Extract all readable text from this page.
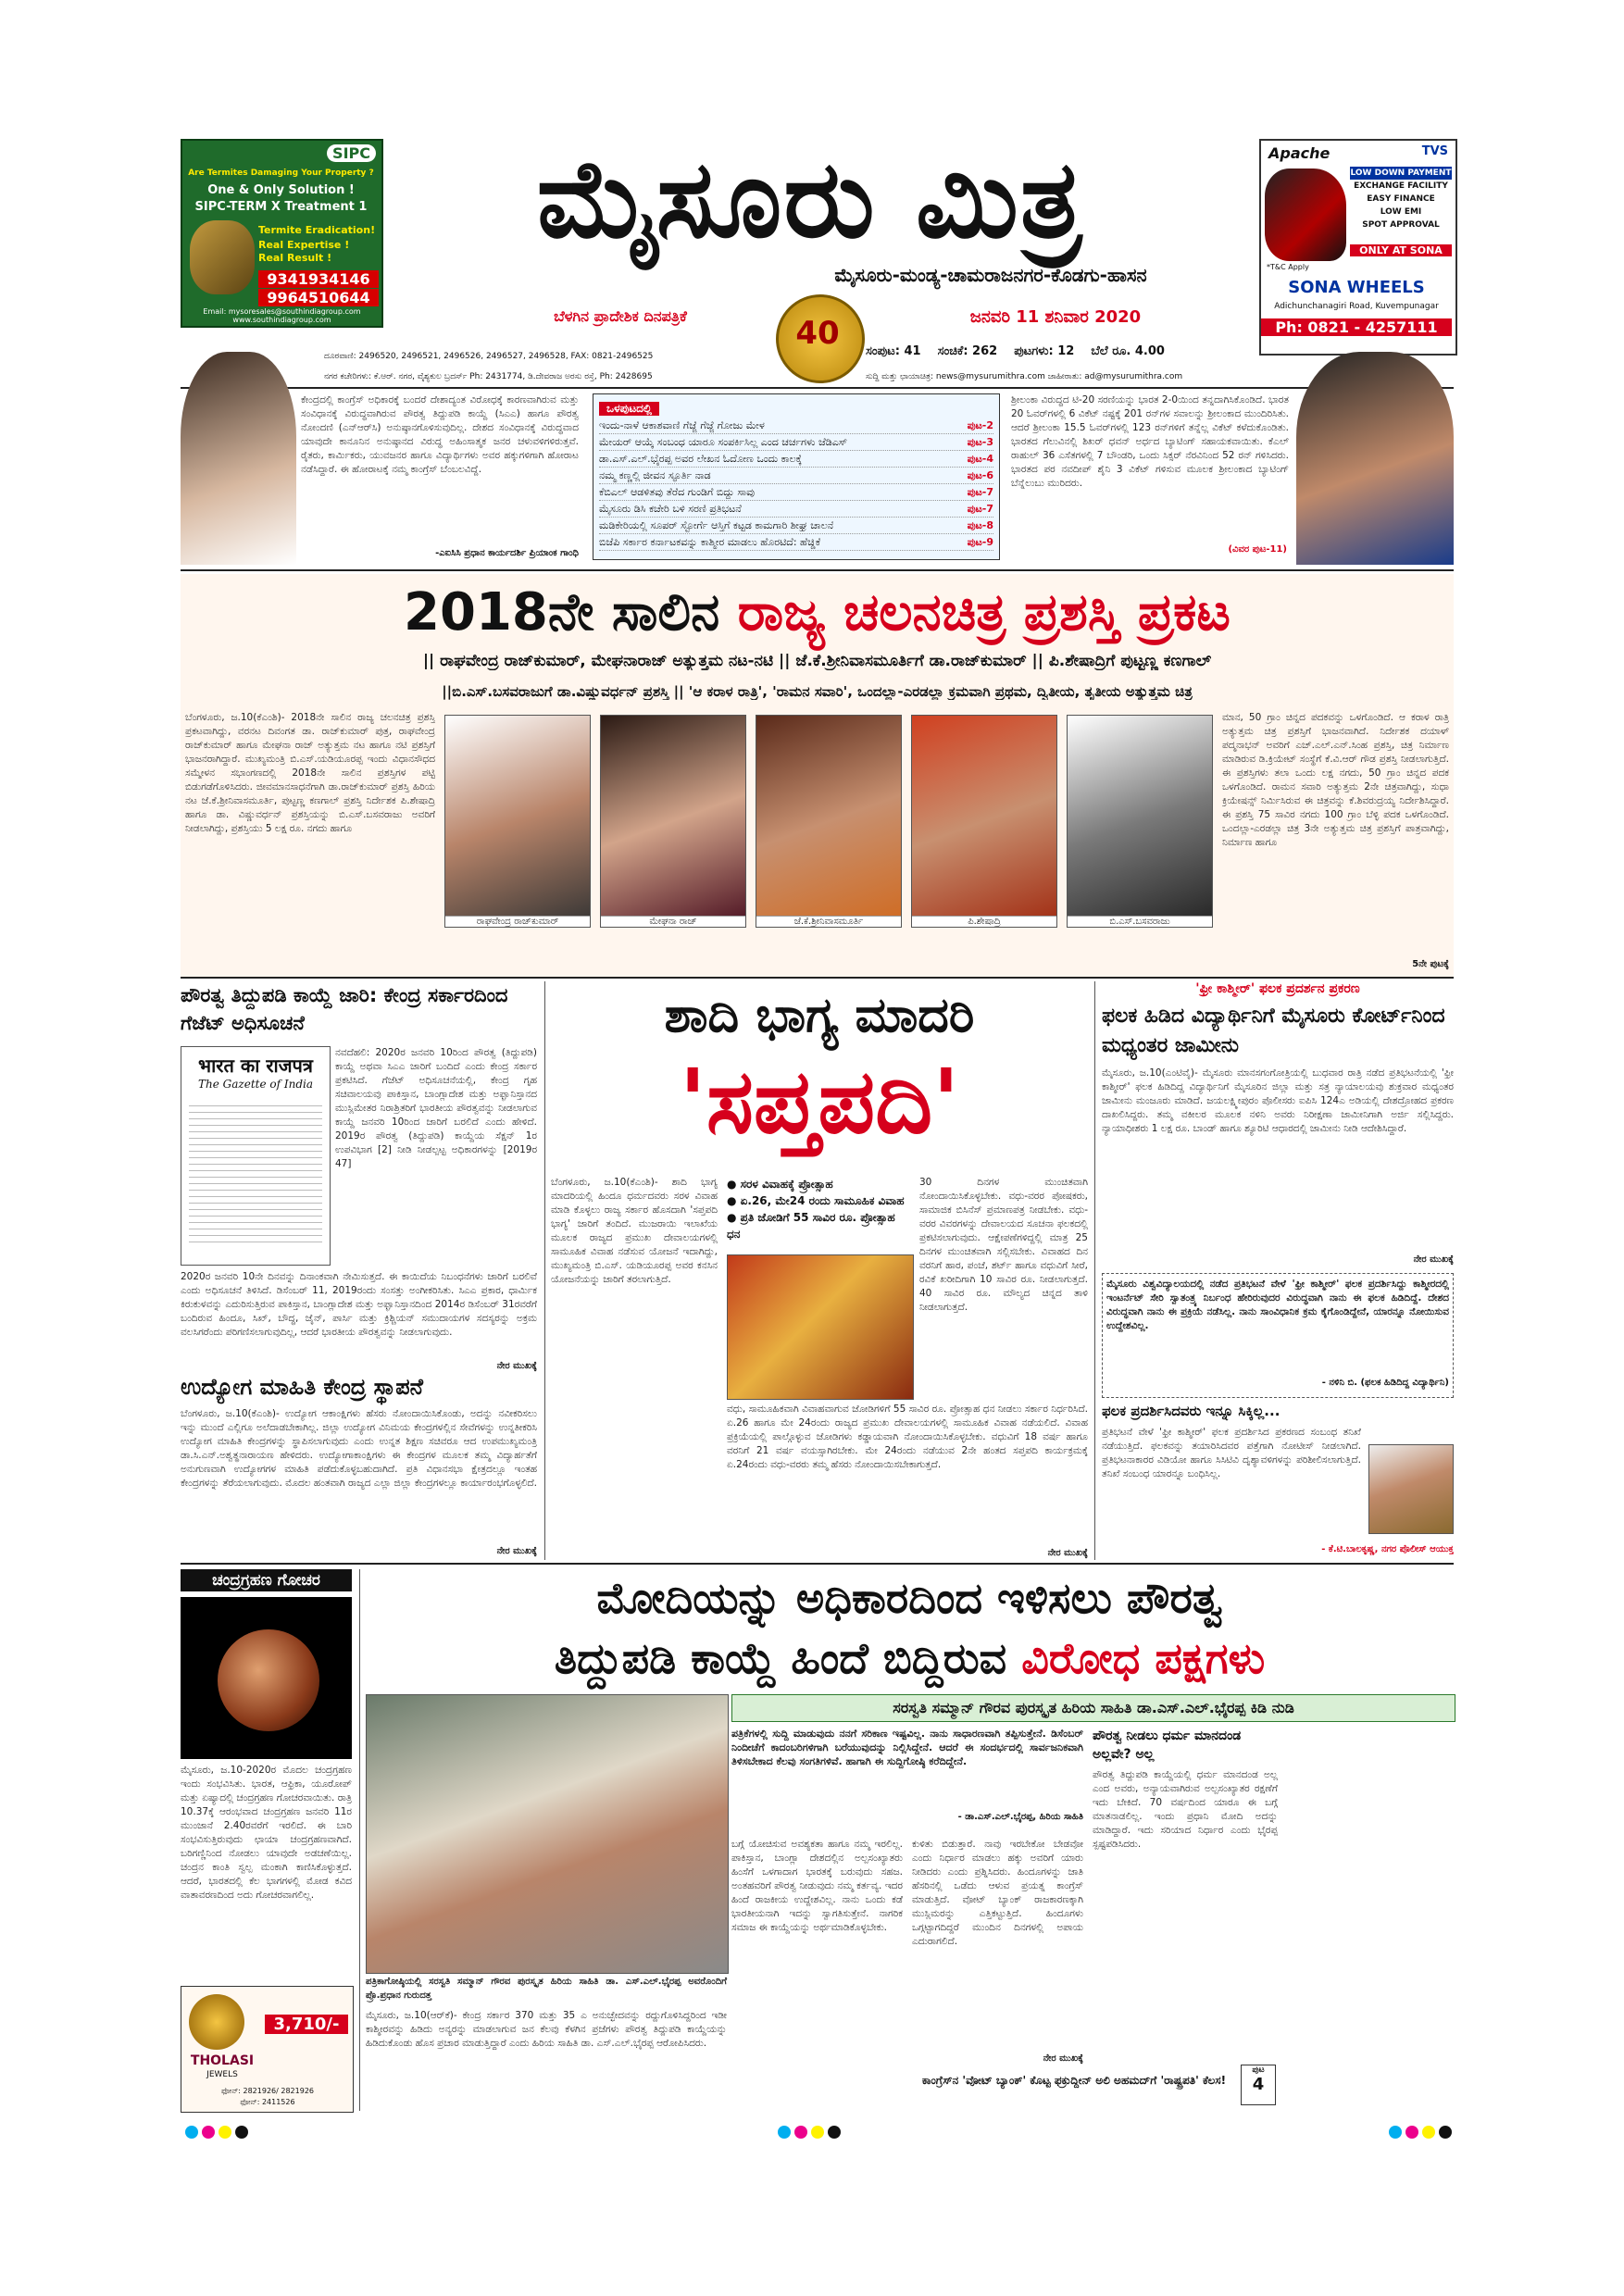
SIPC
Are Termites Damaging Your Property ?
One & Only Solution !
SIPC-TERM X Treatment 1
Termite Eradication!
Real Expertise !
Real Result !
9341934146
9964510644
Email: mysoresales@southindiagroup.com
www.southindiagroup.com
ಮೈಸೂರು ಮಿತ್ರ
ಮೈಸೂರು-ಮಂಡ್ಯ-ಚಾಮರಾಜನಗರ-ಕೊಡಗು-ಹಾಸನ
ಬೆಳಗಿನ ಪ್ರಾದೇಶಿಕ ದಿನಪತ್ರಿಕೆ	ಜನವರಿ 11 ಶನಿವಾರ 2020
40	ಸಂಪುಟ: 41 ಸಂಚಿಕೆ: 262 ಪುಟಗಳು: 12 ಬೆಲೆ ರೂ. 4.00
ದೂರವಾಣಿ: 2496520, 2496521, 2496526, 2496527, 2496528, FAX: 0821-2496525
ನಗರ ಕಚೇರಿಗಳು: ಕೆ.ಆರ್. ನಗರ, ವೈಶ್ಯಕುಲ ಬ್ರದರ್ಸ್ Ph: 2431774, ಡಿ.ದೇವರಾಜ ಅರಸು ರಸ್ತೆ, Ph: 2428695	ಸುದ್ದಿ ಮತ್ತು ಛಾಯಾಚಿತ್ರ: news@mysurumithra.com ಜಾಹೀರಾತು: ad@mysurumithra.com
Apache	TVS
LOW DOWN PAYMENT
EXCHANGE FACILITY
EASY FINANCE
LOW EMI
SPOT APPROVAL
*T&C Apply
ONLY AT SONA
SONA WHEELS
Adichunchanagiri Road, Kuvempunagar
Ph: 0821 - 4257111
ಕೇಂದ್ರದಲ್ಲಿ ಕಾಂಗ್ರೆಸ್ ಅಧಿಕಾರಕ್ಕೆ ಬಂದರೆ ದೇಶಾದ್ಯಂತ ವಿರೋಧಕ್ಕೆ ಕಾರಣವಾಗಿರುವ ಮತ್ತು ಸಂವಿಧಾನಕ್ಕೆ ವಿರುದ್ಧವಾಗಿರುವ ಪೌರತ್ವ ತಿದ್ದುಪಡಿ ಕಾಯ್ದೆ (ಸಿಎಎ) ಹಾಗೂ ಪೌರತ್ವ ನೋಂದಣಿ (ಎನ್‌ಆರ್‌ಸಿ) ಅನುಷ್ಠಾನಗೊಳಿಸುವುದಿಲ್ಲ. ದೇಶದ ಸಂವಿಧಾನಕ್ಕೆ ವಿರುದ್ಧವಾದ ಯಾವುದೇ ಕಾನೂನಿನ ಅನುಷ್ಠಾನದ ವಿರುದ್ಧ ಅಹಿಂಸಾತ್ಮಕ ಜನರ ಚಳುವಳಿಗಳಿರುತ್ತವೆ. ರೈತರು, ಕಾರ್ಮಿಕರು, ಯುವಜನರ ಹಾಗೂ ವಿದ್ಯಾರ್ಥಿಗಳು ಅವರ ಹಕ್ಕುಗಳಿಗಾಗಿ ಹೋರಾಟ ನಡೆಸಿದ್ದಾರೆ. ಈ ಹೋರಾಟಕ್ಕೆ ನಮ್ಮ ಕಾಂಗ್ರೆಸ್ ಬೆಂಬಲವಿದ್ದೆ.
-ಎಐಸಿಸಿ ಪ್ರಧಾನ ಕಾರ್ಯದರ್ಶಿ ಪ್ರಿಯಾಂಕ ಗಾಂಧಿ
ಒಳಪುಟದಲ್ಲಿ
ಇಂದು-ನಾಳೆ ಆಕಾಶವಾಣಿ ಗೆಜ್ಜೆ ಗೆಜ್ಜೆ ಗೋಜು ಮೇಳ	ಪುಟ-2
ಮೇಯರ್ ಆಯ್ಕೆ ಸಂಬಂಧ ಯಾರೂ ಸಂಪರ್ಕಿಸಿಲ್ಲ ಎಂದ ಚರ್ಚಗಳು ಜೆಡಿಎಸ್	ಪುಟ-3
ಡಾ.ಎಸ್.ಎಲ್.ಭೈರಪ್ಪ ಅವರ ಲೇಖನ ಓದೋಣ ಒಂದು ಕಾಲಕ್ಕೆ	ಪುಟ-4
ನಮ್ಮ ಕಣ್ಣಲ್ಲಿ ಜೀವನ ಸ್ಫೂರ್ತಿ ನಾಡ	ಪುಟ-6
ಕೆಬಿಎಲ್ ಆಡಳಿತವು ತೆರೆದ ಗುಂಡಿಗೆ ಬಿದ್ದು ಸಾವು	ಪುಟ-7
ಮೈಸೂರು ಡಿಸಿ ಕಚೇರಿ ಬಳಿ ಸರಣಿ ಪ್ರತಿಭಟನೆ	ಪುಟ-7
ಮಡಿಕೇರಿಯಲ್ಲಿ ಸೂಪರ್ ಸ್ಟೋರ್ಗೆ ಆಸ್ತಿಗೆ ಕಟ್ಟಡ ಕಾಮಗಾರಿ ಶೀಘ್ರ ಚಾಲನೆ	ಪುಟ-8
ಬಿಜೆಪಿ ಸರ್ಕಾರ ಕರ್ನಾಟಕವನ್ನು ಕಾಶ್ಮೀರ ಮಾಡಲು ಹೊರಟಿದೆ: ಹೆಚ್ಡಿಕೆ	ಪುಟ-9
ಶ್ರೀಲಂಕಾ ವಿರುದ್ಧದ ಟಿ-20 ಸರಣಿಯನ್ನು ಭಾರತ 2-0ಯಿಂದ ತನ್ನದಾಗಿಸಿಕೊಂಡಿದೆ. ಭಾರತ 20 ಓವರ್‌ಗಳಲ್ಲಿ 6 ವಿಕೆಟ್ ನಷ್ಟಕ್ಕೆ 201 ರನ್‌ಗಳ ಸವಾಲನ್ನು ಶ್ರೀಲಂಕಾದ ಮುಂದಿರಿಸಿತು. ಆದರೆ ಶ್ರೀಲಂಕಾ 15.5 ಓವರ್‌ಗಳಲ್ಲಿ 123 ರನ್‌ಗಳಿಗೆ ತನ್ನೆಲ್ಲ ವಿಕೆಟ್ ಕಳೆದುಕೊಂಡಿತು. ಭಾರತದ ಗೆಲುವಿನಲ್ಲಿ ಶಿಖರ್ ಧವನ್ ಅರ್ಧದ ಬ್ಯಾಟಿಂಗ್ ಸಹಾಯಕವಾಯಿತು. ಕೆಎಲ್ ರಾಹುಲ್ 36 ಎಸೆತಗಳಲ್ಲಿ 7 ಬೌಂಡರಿ, ಒಂದು ಸಿಕ್ಸರ್ ನೆರವಿನಿಂದ 52 ರನ್ ಗಳಿಸಿದರು. ಭಾರತದ ಪರ ನವದೀಪ್ ಶೈನಿ 3 ವಿಕೆಟ್ ಗಳಿಸುವ ಮೂಲಕ ಶ್ರೀಲಂಕಾದ ಬ್ಯಾಟಿಂಗ್ ಬೆನ್ನೆಲುಬು ಮುರಿದರು.
(ವಿವರ ಪುಟ-11)
2018ನೇ ಸಾಲಿನ ರಾಜ್ಯ ಚಲನಚಿತ್ರ ಪ್ರಶಸ್ತಿ ಪ್ರಕಟ
|| ರಾಘವೇಂದ್ರ ರಾಜ್‌ಕುಮಾರ್, ಮೇಘನಾರಾಜ್ ಅತ್ಯುತ್ತಮ ನಟ-ನಟಿ || ಜೆ.ಕೆ.ಶ್ರೀನಿವಾಸಮೂರ್ತಿಗೆ ಡಾ.ರಾಜ್‌ಕುಮಾರ್ || ಪಿ.ಶೇಷಾದ್ರಿಗೆ ಪುಟ್ಟಣ್ಣ ಕಣಗಾಲ್
||ಬಿ.ಎಸ್.ಬಸವರಾಜುಗೆ ಡಾ.ವಿಷ್ಣುವರ್ಧನ್ ಪ್ರಶಸ್ತಿ || 'ಆ ಕರಾಳ ರಾತ್ರಿ', 'ರಾಮನ ಸವಾರಿ', ಒಂದಲ್ಲಾ-ಎರಡಲ್ಲಾ ಕ್ರಮವಾಗಿ ಪ್ರಥಮ, ದ್ವಿತೀಯ, ತೃತೀಯ ಅತ್ಯುತ್ತಮ ಚಿತ್ರ
ಬೆಂಗಳೂರು, ಜ.10(ಕೆಎಂಶಿ)- 2018ನೇ ಸಾಲಿನ ರಾಜ್ಯ ಚಲನಚಿತ್ರ ಪ್ರಶಸ್ತಿ ಪ್ರಕಟವಾಗಿದ್ದು, ವರನಟ ದಿವಂಗತ ಡಾ. ರಾಜ್‌ಕುಮಾರ್ ಪುತ್ರ, ರಾಘವೇಂದ್ರ ರಾಜ್‌ಕುಮಾರ್ ಹಾಗೂ ಮೇಘನಾ ರಾಜ್ ಅತ್ಯುತ್ತಮ ನಟ ಹಾಗೂ ನಟಿ ಪ್ರಶಸ್ತಿಗೆ ಭಾಜನರಾಗಿದ್ದಾರೆ. ಮುಖ್ಯಮಂತ್ರಿ ಬಿ.ಎಸ್.ಯಡಿಯೂರಪ್ಪ ಇಂದು ವಿಧಾನಸೌಧದ ಸಮ್ಮೇಳನ ಸಭಾಂಗಣದಲ್ಲಿ 2018ನೇ ಸಾಲಿನ ಪ್ರಶಸ್ತಿಗಳ ಪಟ್ಟಿ ಬಿಡುಗಡೆಗೊಳಿಸಿದರು. ಜೀವಮಾನಸಾಧನೆಗಾಗಿ ಡಾ.ರಾಜ್‌ಕುಮಾರ್ ಪ್ರಶಸ್ತಿ ಹಿರಿಯ ನಟ ಜೆ.ಕೆ.ಶ್ರೀನಿವಾಸಮೂರ್ತಿ, ಪುಟ್ಟಣ್ಣ ಕಣಗಾಲ್ ಪ್ರಶಸ್ತಿ ನಿರ್ದೇಶಕ ಪಿ.ಶೇಷಾದ್ರಿ ಹಾಗೂ ಡಾ. ವಿಷ್ಣುವರ್ಧನ್ ಪ್ರಶಸ್ತಿಯನ್ನು ಬಿ.ಎಸ್.ಬಸವರಾಜು ಅವರಿಗೆ ನೀಡಲಾಗಿದ್ದು, ಪ್ರಶಸ್ತಿಯು 5 ಲಕ್ಷ ರೂ. ನಗದು ಹಾಗೂ
ರಾಘವೇಂದ್ರ ರಾಜ್‌ಕುಮಾರ್	ಮೇಘನಾ ರಾಜ್	ಜೆ.ಕೆ.ಶ್ರೀನಿವಾಸಮೂರ್ತಿ	ಪಿ.ಶೇಷಾದ್ರಿ	ಬಿ.ಎಸ್.ಬಸವರಾಜು
ಮಾನ, 50 ಗ್ರಾಂ ಚಿನ್ನದ ಪದಕವನ್ನು ಒಳಗೊಂಡಿದೆ. ಆ ಕರಾಳ ರಾತ್ರಿ ಅತ್ಯುತ್ತಮ ಚಿತ್ರ ಪ್ರಶಸ್ತಿಗೆ ಭಾಜನವಾಗಿದೆ. ನಿರ್ದೇಶಕ ದಯಾಳ್ ಪದ್ಮನಾಭನ್ ಅವರಿಗೆ ಎಚ್.ಎಲ್.ಎನ್.ಸಿಂಹ ಪ್ರಶಸ್ತಿ, ಚಿತ್ರ ನಿರ್ಮಾಣ ಮಾಡಿರುವ ಡಿ.ಕ್ರಿಯೇಟ್ ಸಂಸ್ಥೆಗೆ ಕೆ.ವಿ.ಆರ್ ಗೌಡ ಪ್ರಶಸ್ತಿ ನೀಡಲಾಗುತ್ತಿದೆ. ಈ ಪ್ರಶಸ್ತಿಗಳು ತಲಾ ಒಂದು ಲಕ್ಷ ನಗದು, 50 ಗ್ರಾಂ ಚಿನ್ನದ ಪದಕ ಒಳಗೊಂಡಿದೆ. ರಾಮನ ಸವಾರಿ ಅತ್ಯುತ್ತಮ 2ನೇ ಚಿತ್ರವಾಗಿದ್ದು, ಸುಧಾ ಕ್ರಿಯೇಷನ್ಸ್ ನಿರ್ಮಿಸಿರುವ ಈ ಚಿತ್ರವನ್ನು ಕೆ.ಶಿವರುದ್ರಯ್ಯ ನಿರ್ದೇಶಿಸಿದ್ದಾರೆ. ಈ ಪ್ರಶಸ್ತಿ 75 ಸಾವಿರ ನಗದು 100 ಗ್ರಾಂ ಬೆಳ್ಳಿ ಪದಕ ಒಳಗೊಂಡಿದೆ. ಒಂದಲ್ಲಾ-ಎರಡಲ್ಲಾ ಚಿತ್ರ 3ನೇ ಅತ್ಯುತ್ತಮ ಚಿತ್ರ ಪ್ರಶಸ್ತಿಗೆ ಪಾತ್ರವಾಗಿದ್ದು, ನಿರ್ಮಾಣ ಹಾಗೂ
5ನೇ ಪುಟಕ್ಕೆ
ಪೌರತ್ವ ತಿದ್ದುಪಡಿ ಕಾಯ್ದೆ ಜಾರಿ: ಕೇಂದ್ರ ಸರ್ಕಾರದಿಂದ ಗೆಜೆಟ್ ಅಧಿಸೂಚನೆ
भारत का राजपत्र
The Gazette of India
ನವದೆಹಲಿ: 2020ರ ಜನವರಿ 10ರಿಂದ ಪೌರತ್ವ (ತಿದ್ದುಪಡಿ) ಕಾಯ್ದೆ ಅಥವಾ ಸಿಎಎ ಜಾರಿಗೆ ಬಂದಿದೆ ಎಂದು ಕೇಂದ್ರ ಸರ್ಕಾರ ಪ್ರಕಟಿಸಿದೆ. ಗೆಜೆಟ್ ಅಧಿಸೂಚನೆಯಲ್ಲಿ, ಕೇಂದ್ರ ಗೃಹ ಸಚಿವಾಲಯವು ಪಾಕಿಸ್ತಾನ, ಬಾಂಗ್ಲಾದೇಶ ಮತ್ತು ಅಫ್ಘಾನಿಸ್ತಾನದ ಮುಸ್ಲಿಮೇತರ ನಿರಾಶ್ರಿತರಿಗೆ ಭಾರತೀಯ ಪೌರತ್ವವನ್ನು ನೀಡಲಾಗುವ ಕಾಯ್ದೆ ಜನವರಿ 10ರಿಂದ ಜಾರಿಗೆ ಬರಲಿದೆ ಎಂದು ಹೇಳಿದೆ. 2019ರ ಪೌರತ್ವ (ತಿದ್ದುಪಡಿ) ಕಾಯ್ದೆಯ ಸೆಕ್ಷನ್ 1ರ ಉಪವಿಭಾಗ [2] ನೀಡಿ ನೀಡಲ್ಪಟ್ಟ ಅಧಿಕಾರಗಳನ್ನು [2019ರ 47]
2020ರ ಜನವರಿ 10ನೇ ದಿನವನ್ನು ದಿನಾಂಕವಾಗಿ ನೇಮಿಸುತ್ತದೆ. ಈ ಕಾಯಿದೆಯ ನಿಬಂಧನೆಗಳು ಜಾರಿಗೆ ಬರಲಿವೆ ಎಂದು ಅಧಿಸೂಚನೆ ತಿಳಿಸಿದೆ. ಡಿಸೆಂಬರ್ 11, 2019ರಂದು ಸಂಸತ್ತು ಅಂಗೀಕರಿಸಿತು. ಸಿಎಎ ಪ್ರಕಾರ, ಧಾರ್ಮಿಕ ಕಿರುಕುಳವನ್ನು ಎದುರಿಸುತ್ತಿರುವ ಪಾಕಿಸ್ತಾನ, ಬಾಂಗ್ಲಾದೇಶ ಮತ್ತು ಅಫ್ಘಾನಿಸ್ತಾನದಿಂದ 2014ರ ಡಿಸೆಂಬರ್ 31ರವರೆಗೆ ಬಂದಿರುವ ಹಿಂದೂ, ಸಿಖ್, ಬೌದ್ಧ, ಜೈನ್, ಪಾರ್ಸಿ ಮತ್ತು ಕ್ರಿಶ್ಚಿಯನ್ ಸಮುದಾಯಗಳ ಸದಸ್ಯರನ್ನು ಅಕ್ರಮ ವಲಸಿಗರೆಂದು ಪರಿಗಣಿಸಲಾಗುವುದಿಲ್ಲ, ಆದರೆ ಭಾರತೀಯ ಪೌರತ್ವವನ್ನು ನೀಡಲಾಗುವುದು.
ನೇರ ಮುಖಕ್ಕೆ
ಉದ್ಯೋಗ ಮಾಹಿತಿ ಕೇಂದ್ರ ಸ್ಥಾಪನೆ
ಬೆಂಗಳೂರು, ಜ.10(ಕೆಎಂಶಿ)- ಉದ್ಯೋಗ ಆಕಾಂಕ್ಷಿಗಳು ಹೆಸರು ನೋಂದಾಯಿಸಿಕೊಂಡು, ಅದನ್ನು ನವೀಕರಿಸಲು ಇನ್ನು ಮುಂದೆ ಎಲ್ಲಿಗೂ ಅಲೆದಾಡಬೇಕಾಗಿಲ್ಲ. ಜಿಲ್ಲಾ ಉದ್ಯೋಗ ವಿನಿಮಯ ಕೇಂದ್ರಗಳಲ್ಲಿನ ಸೇವೆಗಳನ್ನು ಉನ್ನತೀಕರಿಸಿ ಉದ್ಯೋಗ ಮಾಹಿತಿ ಕೇಂದ್ರಗಳನ್ನು ಸ್ಥಾಪಿಸಲಾಗುವುದು ಎಂದು ಉನ್ನತ ಶಿಕ್ಷಣ ಸಚಿವರೂ ಆದ ಉಪಮುಖ್ಯಮಂತ್ರಿ ಡಾ.ಸಿ.ಎನ್.ಅಶ್ವತ್ಥನಾರಾಯಣ ಹೇಳಿದರು. ಉದ್ಯೋಗಾಕಾಂಕ್ಷಿಗಳು ಈ ಕೇಂದ್ರಗಳ ಮೂಲಕ ತಮ್ಮ ವಿದ್ಯಾರ್ಹತೆಗೆ ಅನುಗುಣವಾಗಿ ಉದ್ಯೋಗಗಳ ಮಾಹಿತಿ ಪಡೆದುಕೊಳ್ಳಬಹುದಾಗಿದೆ. ಪ್ರತಿ ವಿಧಾನಸಭಾ ಕ್ಷೇತ್ರದಲ್ಲೂ ಇಂತಹ ಕೇಂದ್ರಗಳನ್ನು ತೆರೆಯಲಾಗುವುದು. ಮೊದಲ ಹಂತವಾಗಿ ರಾಜ್ಯದ ಎಲ್ಲಾ ಜಿಲ್ಲಾ ಕೇಂದ್ರಗಳಲ್ಲೂ ಕಾರ್ಯಾರಂಭಗೊಳ್ಳಲಿದೆ.
ನೇರ ಮುಖಕ್ಕೆ
ಶಾದಿ ಭಾಗ್ಯ ಮಾದರಿ
'ಸಪ್ತಪದಿ'
ಬೆಂಗಳೂರು, ಜ.10(ಕೆಎಂಶಿ)- ಶಾದಿ ಭಾಗ್ಯ ಮಾದರಿಯಲ್ಲಿ ಹಿಂದೂ ಧರ್ಮದವರು ಸರಳ ವಿವಾಹ ಮಾಡಿ ಕೊಳ್ಳಲು ರಾಜ್ಯ ಸರ್ಕಾರ ಹೊಸದಾಗಿ 'ಸಪ್ತಪದಿ ಭಾಗ್ಯ' ಜಾರಿಗೆ ತಂದಿದೆ. ಮುಜರಾಯಿ ಇಲಾಖೆಯ ಮೂಲಕ ರಾಜ್ಯದ ಪ್ರಮುಖ ದೇವಾಲಯಗಳಲ್ಲಿ ಸಾಮೂಹಿಕ ವಿವಾಹ ನಡೆಸುವ ಯೋಜನೆ ಇದಾಗಿದ್ದು, ಮುಖ್ಯಮಂತ್ರಿ ಬಿ.ಎಸ್. ಯಡಿಯೂರಪ್ಪ ಅವರ ಕನಸಿನ ಯೋಜನೆಯನ್ನು ಜಾರಿಗೆ ತರಲಾಗುತ್ತಿದೆ.
● ಸರಳ ವಿವಾಹಕ್ಕೆ ಪ್ರೋತ್ಸಾಹ
● ಏ.26, ಮೇ24 ರಂದು ಸಾಮೂಹಿಕ ವಿವಾಹ
● ಪ್ರತಿ ಜೋಡಿಗೆ 55 ಸಾವಿರ ರೂ. ಪ್ರೋತ್ಸಾಹ ಧನ
ವಧು, ಸಾಮೂಹಿಕವಾಗಿ ವಿವಾಹವಾಗುವ ಜೋಡಿಗಳಿಗೆ 55 ಸಾವಿರ ರೂ. ಪ್ರೋತ್ಸಾಹ ಧನ ನೀಡಲು ಸರ್ಕಾರ ನಿರ್ಧರಿಸಿದೆ. ಏ.26 ಹಾಗೂ ಮೇ 24ರಂದು ರಾಜ್ಯದ ಪ್ರಮುಖ ದೇವಾಲಯಗಳಲ್ಲಿ ಸಾಮೂಹಿಕ ವಿವಾಹ ನಡೆಯಲಿದೆ. ವಿವಾಹ ಪ್ರಕ್ರಿಯೆಯಲ್ಲಿ ಪಾಲ್ಗೊಳ್ಳುವ ಜೋಡಿಗಳು ಕಡ್ಡಾಯವಾಗಿ ನೋಂದಾಯಿಸಿಕೊಳ್ಳಬೇಕು. ವಧುವಿಗೆ 18 ವರ್ಷ ಹಾಗೂ ವರನಿಗೆ 21 ವರ್ಷ ವಯಸ್ಸಾಗಿರಬೇಕು. ಮೇ 24ರಂದು ನಡೆಯುವ 2ನೇ ಹಂತದ ಸಪ್ತಪದಿ ಕಾರ್ಯಕ್ರಮಕ್ಕೆ ಏ.24ರಂದು ವಧು-ವರರು ತಮ್ಮ ಹೆಸರು ನೋಂದಾಯಿಸಬೇಕಾಗುತ್ತದೆ.
30 ದಿನಗಳ ಮುಂಚಿತವಾಗಿ ನೋಂದಾಯಿಸಿಕೊಳ್ಳಬೇಕು. ವಧು-ವರರ ಪೋಷಕರು, ಸಾಮಾಜಿಕ ಬಿಸಿನೆಸ್ ಪ್ರಮಾಣಪತ್ರ ನೀಡಬೇಕು. ವಧು-ವರರ ವಿವರಗಳನ್ನು ದೇವಾಲಯದ ಸೂಚನಾ ಫಲಕದಲ್ಲಿ ಪ್ರಕಟಿಸಲಾಗುವುದು. ಆಕ್ಷೇಪಣೆಗಳಿದ್ದಲ್ಲಿ ಮಾತ್ರ 25 ದಿನಗಳ ಮುಂಚಿತವಾಗಿ ಸಲ್ಲಿಸಬೇಕು. ವಿವಾಹದ ದಿನ ವರನಿಗೆ ಹಾರ, ಪಂಚೆ, ಶರ್ಟ್ ಹಾಗೂ ವಧುವಿಗೆ ಸೀರೆ, ರವಿಕೆ ಖರೀದಿಗಾಗಿ 10 ಸಾವಿರ ರೂ. ನೀಡಲಾಗುತ್ತದೆ. 40 ಸಾವಿರ ರೂ. ಮೌಲ್ಯದ ಚಿನ್ನದ ತಾಳಿ ನೀಡಲಾಗುತ್ತದೆ.
ನೇರ ಮುಖಕ್ಕೆ
'ಫ್ರೀ ಕಾಶ್ಮೀರ್' ಫಲಕ ಪ್ರದರ್ಶನ ಪ್ರಕರಣ
ಫಲಕ ಹಿಡಿದ ವಿದ್ಯಾರ್ಥಿನಿಗೆ ಮೈಸೂರು ಕೋರ್ಟ್‌ನಿಂದ ಮಧ್ಯಂತರ ಜಾಮೀನು
ಮೈಸೂರು, ಜ.10(ಎಂಟಿವೈ)- ಮೈಸೂರು ಮಾನಸಗಂಗೋತ್ರಿಯಲ್ಲಿ ಬುಧವಾರ ರಾತ್ರಿ ನಡೆದ ಪ್ರತಿಭಟನೆಯಲ್ಲಿ 'ಫ್ರೀ ಕಾಶ್ಮೀರ್' ಫಲಕ ಹಿಡಿದಿದ್ದ ವಿದ್ಯಾರ್ಥಿನಿಗೆ ಮೈಸೂರಿನ ಜಿಲ್ಲಾ ಮತ್ತು ಸತ್ರ ನ್ಯಾಯಾಲಯವು ಶುಕ್ರವಾರ ಮಧ್ಯಂತರ ಜಾಮೀನು ಮಂಜೂರು ಮಾಡಿದೆ. ಜಯಲಕ್ಷ್ಮೀಪುರಂ ಪೊಲೀಸರು ಐಪಿಸಿ 124ಎ ಅಡಿಯಲ್ಲಿ ದೇಶದ್ರೋಹದ ಪ್ರಕರಣ ದಾಖಲಿಸಿದ್ದರು. ತಮ್ಮ ವಕೀಲರ ಮೂಲಕ ನಳಿನಿ ಅವರು ನಿರೀಕ್ಷಣಾ ಜಾಮೀನಿಗಾಗಿ ಅರ್ಜಿ ಸಲ್ಲಿಸಿದ್ದರು. ನ್ಯಾಯಾಧೀಶರು 1 ಲಕ್ಷ ರೂ. ಬಾಂಡ್ ಹಾಗೂ ಶ್ಯೂರಿಟಿ ಆಧಾರದಲ್ಲಿ ಜಾಮೀನು ನೀಡಿ ಆದೇಶಿಸಿದ್ದಾರೆ.
ನೇರ ಮುಖಕ್ಕೆ
ಮೈಸೂರು ವಿಶ್ವವಿದ್ಯಾಲಯದಲ್ಲಿ ನಡೆದ ಪ್ರತಿಭಟನೆ ವೇಳೆ 'ಫ್ರೀ ಕಾಶ್ಮೀರ್' ಫಲಕ ಪ್ರದರ್ಶಿಸಿದ್ದು ಕಾಶ್ಮೀರದಲ್ಲಿ ಇಂಟರ್ನೆಟ್ ಸೇರಿ ಸ್ವಾತಂತ್ರ್ಯ ನಿರ್ಬಂಧ ಹೇರಿರುವುದರ ವಿರುದ್ಧವಾಗಿ ನಾನು ಈ ಫಲಕ ಹಿಡಿದಿದ್ದೆ. ದೇಶದ ವಿರುದ್ಧವಾಗಿ ನಾನು ಈ ಪ್ರಕ್ರಿಯೆ ನಡೆಸಿಲ್ಲ. ನಾನು ಸಾಂವಿಧಾನಿಕ ಕ್ರಮ ಕೈಗೊಂಡಿದ್ದೇನೆ, ಯಾರನ್ನೂ ನೋಯಿಸುವ ಉದ್ದೇಶವಿಲ್ಲ.
- ನಳಿನಿ ಬಿ. (ಫಲಕ ಹಿಡಿದಿದ್ದ ವಿದ್ಯಾರ್ಥಿನಿ)
ಫಲಕ ಪ್ರದರ್ಶಿಸಿದವರು ಇನ್ನೂ ಸಿಕ್ಕಿಲ್ಲ...
ಪ್ರತಿಭಟನೆ ವೇಳೆ 'ಫ್ರೀ ಕಾಶ್ಮೀರ್' ಫಲಕ ಪ್ರದರ್ಶಿಸಿದ ಪ್ರಕರಣದ ಸಂಬಂಧ ತನಿಖೆ ನಡೆಯುತ್ತಿದೆ. ಫಲಕವನ್ನು ತಯಾರಿಸಿದವರ ಪತ್ತೆಗಾಗಿ ನೋಟೀಸ್ ನೀಡಲಾಗಿದೆ. ಪ್ರತಿಭಟನಾಕಾರರ ವಿಡಿಯೋ ಹಾಗೂ ಸಿಸಿಟಿವಿ ದೃಶ್ಯಾವಳಿಗಳನ್ನು ಪರಿಶೀಲಿಸಲಾಗುತ್ತಿದೆ. ತನಿಖೆ ಸಂಬಂಧ ಯಾರನ್ನೂ ಬಂಧಿಸಿಲ್ಲ.
- ಕೆ.ಟಿ.ಬಾಲಕೃಷ್ಣ, ನಗರ ಪೊಲೀಸ್ ಆಯುಕ್ತ
ಚಂದ್ರಗ್ರಹಣ ಗೋಚರ
ಮೈಸೂರು, ಜ.10-2020ರ ಮೊದಲ ಚಂದ್ರಗ್ರಹಣ ಇಂದು ಸಂಭವಿಸಿತು. ಭಾರತ, ಆಫ್ರಿಕಾ, ಯೂರೋಪ್ ಮತ್ತು ಏಷ್ಯಾದಲ್ಲಿ ಚಂದ್ರಗ್ರಹಣ ಗೋಚರವಾಯಿತು. ರಾತ್ರಿ 10.37ಕ್ಕೆ ಆರಂಭವಾದ ಚಂದ್ರಗ್ರಹಣ ಜನವರಿ 11ರ ಮುಂಜಾನೆ 2.40ರವರೆಗೆ ಇರಲಿದೆ. ಈ ಬಾರಿ ಸಂಭವಿಸುತ್ತಿರುವುದು ಛಾಯಾ ಚಂದ್ರಗ್ರಹಣವಾಗಿದೆ. ಬರಿಗಣ್ಣಿನಿಂದ ನೋಡಲು ಯಾವುದೇ ಅಡಚಣೆಯಿಲ್ಲ. ಚಂದ್ರನ ಕಾಂತಿ ಸ್ವಲ್ಪ ಮಂಕಾಗಿ ಕಾಣಿಸಿಕೊಳ್ಳುತ್ತದೆ. ಆದರೆ, ಭಾರತದಲ್ಲಿ ಕೆಲ ಭಾಗಗಳಲ್ಲಿ ಮೋಡ ಕವಿದ ವಾತಾವರಣದಿಂದ ಅದು ಗೋಚರವಾಗಲಿಲ್ಲ.
THOLASI
JEWELS
3,710/-
ಫೋನ್: 2821926/ 2821926
ಫೋನ್: 2411526
ಮೋದಿಯನ್ನು ಅಧಿಕಾರದಿಂದ ಇಳಿಸಲು ಪೌರತ್ವ
ತಿದ್ದುಪಡಿ ಕಾಯ್ದೆ ಹಿಂದೆ ಬಿದ್ದಿರುವ ವಿರೋಧ ಪಕ್ಷಗಳು
ಸರಸ್ವತಿ ಸಮ್ಮಾನ್ ಗೌರವ ಪುರಸ್ಕೃತ ಹಿರಿಯ ಸಾಹಿತಿ ಡಾ.ಎಸ್.ಎಲ್.ಭೈರಪ್ಪ ಕಿಡಿ ನುಡಿ
ಪತ್ರಿಕಾಗೋಷ್ಠಿಯಲ್ಲಿ ಸರಸ್ವತಿ ಸಮ್ಮಾನ್ ಗೌರವ ಪುರಸ್ಕೃತ ಹಿರಿಯ ಸಾಹಿತಿ ಡಾ. ಎಸ್.ಎಲ್.ಭೈರಪ್ಪ ಅವರೊಂದಿಗೆ ಪ್ರೊ.ಪ್ರಧಾನ ಗುರುದತ್ತ
ಪತ್ರಿಕೆಗಳಲ್ಲಿ ಸುದ್ದಿ ಮಾಡುವುದು ನನಗೆ ಸರಿಕಾಣ ಇಷ್ಟವಿಲ್ಲ. ನಾನು ಸಾಧಾರಣವಾಗಿ ತಪ್ಪಿಸುತ್ತೇನೆ. ಡಿಸೆಂಬರ್ ನಿಂದೀಚೆಗೆ ಕಾದಂಬರಿಗಳಿಗಾಗಿ ಬರೆಯುವುದನ್ನು ನಿಲ್ಲಿಸಿದ್ದೇನೆ. ಆದರೆ ಈ ಸಂದರ್ಭದಲ್ಲಿ ಸಾರ್ವಜನಿಕವಾಗಿ ತಿಳಿಸಬೇಕಾದ ಕೆಲವು ಸಂಗತಿಗಳಿವೆ. ಹಾಗಾಗಿ ಈ ಸುದ್ದಿಗೋಷ್ಠಿ ಕರೆದಿದ್ದೇನೆ.
- ಡಾ.ಎಸ್.ಎಲ್.ಭೈರಪ್ಪ, ಹಿರಿಯ ಸಾಹಿತಿ
ಮೈಸೂರು, ಜ.10(ಆರ್‌ಕೆ)- ಕೇಂದ್ರ ಸರ್ಕಾರ 370 ಮತ್ತು 35 ಎ ಅನುಚ್ಛೇದವನ್ನು ರದ್ದುಗೊಳಿಸಿದ್ದರಿಂದ ಇಡೀ ಕಾಶ್ಮೀರವನ್ನು ಹಿಡಿದು ಅನ್ಯರನ್ನು ಮಾಡಲಾಗುವ ಜನ ಕೆಲವು ಕೆಳಗಿನ ಪ್ರಜೆಗಳು ಪೌರತ್ವ ತಿದ್ದುಪಡಿ ಕಾಯ್ದೆಯನ್ನು ಹಿಡಿದುಕೊಂಡು ಹೊಸ ಪ್ರಚಾರ ಮಾಡುತ್ತಿದ್ದಾರೆ ಎಂದು ಹಿರಿಯ ಸಾಹಿತಿ ಡಾ. ಎಸ್.ಎಲ್.ಭೈರಪ್ಪ ಆರೋಪಿಸಿದರು.
ಬಗ್ಗೆ ಯೋಚಿಸುವ ಅವಶ್ಯಕತಾ ಹಾಗೂ ನಮ್ಮ ಇರಲಿಲ್ಲ. ಪಾಕಿಸ್ತಾನ, ಬಾಂಗ್ಲಾ ದೇಶದಲ್ಲಿನ ಅಲ್ಪಸಂಖ್ಯಾತರು ಹಿಂಸೆಗೆ ಒಳಗಾದಾಗ ಭಾರತಕ್ಕೆ ಬರುವುದು ಸಹಜ. ಅಂತಹವರಿಗೆ ಪೌರತ್ವ ನೀಡುವುದು ನಮ್ಮ ಕರ್ತವ್ಯ. ಇದರ ಹಿಂದೆ ರಾಜಕೀಯ ಉದ್ದೇಶವಿಲ್ಲ. ನಾನು ಒಂದು ಕಡೆ ಭಾರತೀಯನಾಗಿ ಇದನ್ನು ಸ್ವಾಗತಿಸುತ್ತೇನೆ. ನಾಗರಿಕ ಸಮಾಜ ಈ ಕಾಯ್ದೆಯನ್ನು ಅರ್ಥಮಾಡಿಕೊಳ್ಳಬೇಕು.
ಕುಳಿತು ಬಿಡುತ್ತಾರೆ. ನಾವು ಇರಬೇಕೋ ಬೇಡವೋ ಎಂದು ನಿರ್ಧಾರ ಮಾಡಲು ಹಕ್ಕು ಅವರಿಗೆ ಯಾರು ನೀಡಿದರು ಎಂದು ಪ್ರಶ್ನಿಸಿದರು. ಹಿಂದೂಗಳನ್ನು ಜಾತಿ ಹೆಸರಿನಲ್ಲಿ ಒಡೆದು ಆಳುವ ಪ್ರಯತ್ನ ಕಾಂಗ್ರೆಸ್ ಮಾಡುತ್ತಿದೆ. ವೋಟ್ ಬ್ಯಾಂಕ್ ರಾಜಕಾರಣಕ್ಕಾಗಿ ಮುಸ್ಲಿಮರನ್ನು ಎತ್ತಿಕಟ್ಟುತ್ತಿದೆ. ಹಿಂದೂಗಳು ಒಗ್ಗಟ್ಟಾಗದಿದ್ದರೆ ಮುಂದಿನ ದಿನಗಳಲ್ಲಿ ಅಪಾಯ ಎದುರಾಗಲಿದೆ.
ನೇರ ಮುಖಕ್ಕೆ
ಪೌರತ್ವ ನೀಡಲು ಧರ್ಮ ಮಾನದಂಡ ಅಲ್ಲವೇ? ಅಲ್ಲ
ಪೌರತ್ವ ತಿದ್ದುಪಡಿ ಕಾಯ್ದೆಯಲ್ಲಿ ಧರ್ಮ ಮಾನದಂಡ ಅಲ್ಲ ಎಂದ ಅವರು, ಅನ್ಯಾಯವಾಗಿರುವ ಅಲ್ಪಸಂಖ್ಯಾತರ ರಕ್ಷಣೆಗೆ ಇದು ಬೇಕಿದೆ. 70 ವರ್ಷದಿಂದ ಯಾರೂ ಈ ಬಗ್ಗೆ ಮಾತನಾಡಲಿಲ್ಲ. ಇಂದು ಪ್ರಧಾನಿ ಮೋದಿ ಅದನ್ನು ಮಾಡಿದ್ದಾರೆ. ಇದು ಸರಿಯಾದ ನಿರ್ಧಾರ ಎಂದು ಭೈರಪ್ಪ ಸ್ಪಷ್ಟಪಡಿಸಿದರು.
ಕಾಂಗ್ರೆಸ್‌ನ 'ವೋಟ್ ಬ್ಯಾಂಕ್' ಕೊಟ್ಟ ಫಕ್ರುದ್ದೀನ್ ಅಲಿ ಅಹಮದ್‌ಗೆ 'ರಾಷ್ಟ್ರಪತಿ' ಕೆಲಸ!
ಪುಟ
4
